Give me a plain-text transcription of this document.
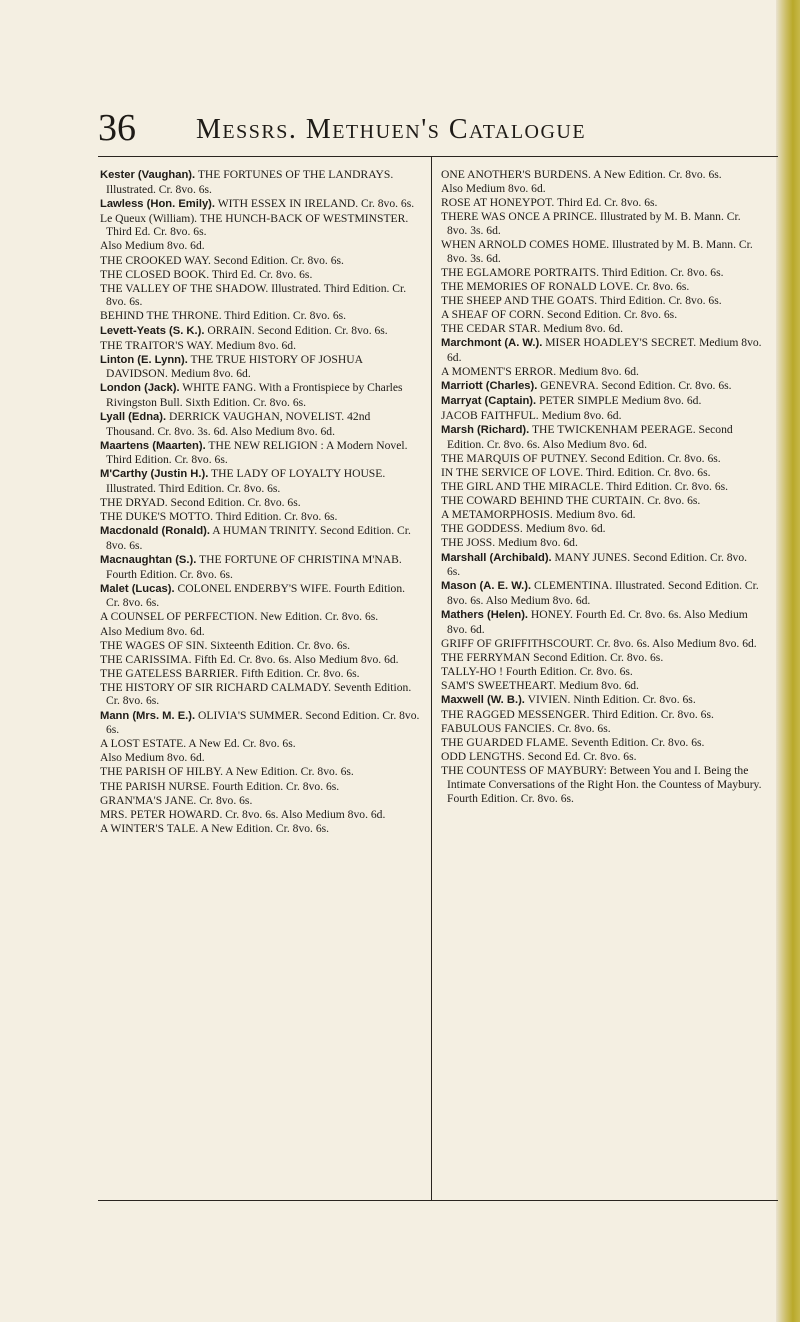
36 Messrs. Methuen's Catalogue
Kester (Vaughan). THE FORTUNES OF THE LANDRAYS. Illustrated. Cr. 8vo. 6s.
Lawless (Hon. Emily). WITH ESSEX IN IRELAND. Cr. 8vo. 6s.
Le Queux (William). THE HUNCH-BACK OF WESTMINSTER. Third Ed. Cr. 8vo. 6s.
Also Medium 8vo. 6d.
THE CROOKED WAY. Second Edition. Cr. 8vo. 6s.
THE CLOSED BOOK. Third Ed. Cr. 8vo. 6s.
THE VALLEY OF THE SHADOW. Illustrated. Third Edition. Cr. 8vo. 6s.
BEHIND THE THRONE. Third Edition. Cr. 8vo. 6s.
Levett-Yeats (S. K.). ORRAIN. Second Edition. Cr. 8vo. 6s.
THE TRAITOR'S WAY. Medium 8vo. 6d.
Linton (E. Lynn). THE TRUE HISTORY OF JOSHUA DAVIDSON. Medium 8vo. 6d.
London (Jack). WHITE FANG. With a Frontispiece by Charles Rivingston Bull. Sixth Edition. Cr. 8vo. 6s.
Lyall (Edna). DERRICK VAUGHAN, NOVELIST. 42nd Thousand. Cr. 8vo. 3s. 6d. Also Medium 8vo. 6d.
Maartens (Maarten). THE NEW RELIGION : A Modern Novel. Third Edition. Cr. 8vo. 6s.
M'Carthy (Justin H.). THE LADY OF LOYALTY HOUSE. Illustrated. Third Edition. Cr. 8vo. 6s.
THE DRYAD. Second Edition. Cr. 8vo. 6s.
THE DUKE'S MOTTO. Third Edition. Cr. 8vo. 6s.
Macdonald (Ronald). A HUMAN TRINITY. Second Edition. Cr. 8vo. 6s.
Macnaughtan (S.). THE FORTUNE OF CHRISTINA M'NAB. Fourth Edition. Cr. 8vo. 6s.
Malet (Lucas). COLONEL ENDERBY'S WIFE. Fourth Edition. Cr. 8vo. 6s.
A COUNSEL OF PERFECTION. New Edition. Cr. 8vo. 6s.
Also Medium 8vo. 6d.
THE WAGES OF SIN. Sixteenth Edition. Cr. 8vo. 6s.
THE CARISSIMA. Fifth Ed. Cr. 8vo. 6s. Also Medium 8vo. 6d.
THE GATELESS BARRIER. Fifth Edition. Cr. 8vo. 6s.
THE HISTORY OF SIR RICHARD CALMADY. Seventh Edition. Cr. 8vo. 6s.
Mann (Mrs. M. E.). OLIVIA'S SUMMER. Second Edition. Cr. 8vo. 6s.
A LOST ESTATE. A New Ed. Cr. 8vo. 6s.
Also Medium 8vo. 6d.
THE PARISH OF HILBY. A New Edition. Cr. 8vo. 6s.
THE PARISH NURSE. Fourth Edition. Cr. 8vo. 6s.
GRAN'MA'S JANE. Cr. 8vo. 6s.
MRS. PETER HOWARD. Cr. 8vo. 6s. Also Medium 8vo. 6d.
A WINTER'S TALE. A New Edition. Cr. 8vo. 6s.
ONE ANOTHER'S BURDENS. A New Edition. Cr. 8vo. 6s.
Also Medium 8vo. 6d.
ROSE AT HONEYPOT. Third Ed. Cr. 8vo. 6s.
THERE WAS ONCE A PRINCE. Illustrated by M. B. Mann. Cr. 8vo. 3s. 6d.
WHEN ARNOLD COMES HOME. Illustrated by M. B. Mann. Cr. 8vo. 3s. 6d.
THE EGLAMORE PORTRAITS. Third Edition. Cr. 8vo. 6s.
THE MEMORIES OF RONALD LOVE. Cr. 8vo. 6s.
THE SHEEP AND THE GOATS. Third Edition. Cr. 8vo. 6s.
A SHEAF OF CORN. Second Edition. Cr. 8vo. 6s.
THE CEDAR STAR. Medium 8vo. 6d.
Marchmont (A. W.). MISER HOADLEY'S SECRET. Medium 8vo. 6d.
A MOMENT'S ERROR. Medium 8vo. 6d.
Marriott (Charles). GENEVRA. Second Edition. Cr. 8vo. 6s.
Marryat (Captain). PETER SIMPLE Medium 8vo. 6d.
JACOB FAITHFUL. Medium 8vo. 6d.
Marsh (Richard). THE TWICKENHAM PEERAGE. Second Edition. Cr. 8vo. 6s. Also Medium 8vo. 6d.
THE MARQUIS OF PUTNEY. Second Edition. Cr. 8vo. 6s.
IN THE SERVICE OF LOVE. Third. Edition. Cr. 8vo. 6s.
THE GIRL AND THE MIRACLE. Third Edition. Cr. 8vo. 6s.
THE COWARD BEHIND THE CURTAIN. Cr. 8vo. 6s.
A METAMORPHOSIS. Medium 8vo. 6d.
THE GODDESS. Medium 8vo. 6d.
THE JOSS. Medium 8vo. 6d.
Marshall (Archibald). MANY JUNES. Second Edition. Cr. 8vo. 6s.
Mason (A. E. W.). CLEMENTINA. Illustrated. Second Edition. Cr. 8vo. 6s. Also Medium 8vo. 6d.
Mathers (Helen). HONEY. Fourth Ed. Cr. 8vo. 6s. Also Medium 8vo. 6d.
GRIFF OF GRIFFITHSCOURT. Cr. 8vo. 6s. Also Medium 8vo. 6d.
THE FERRYMAN Second Edition. Cr. 8vo. 6s.
TALLY-HO ! Fourth Edition. Cr. 8vo. 6s.
SAM'S SWEETHEART. Medium 8vo. 6d.
Maxwell (W. B.). VIVIEN. Ninth Edition. Cr. 8vo. 6s.
THE RAGGED MESSENGER. Third Edition. Cr. 8vo. 6s.
FABULOUS FANCIES. Cr. 8vo. 6s.
THE GUARDED FLAME. Seventh Edition. Cr. 8vo. 6s.
ODD LENGTHS. Second Ed. Cr. 8vo. 6s.
THE COUNTESS OF MAYBURY: Between You and I. Being the Intimate Conversations of the Right Hon. the Countess of Maybury. Fourth Edition. Cr. 8vo. 6s.
